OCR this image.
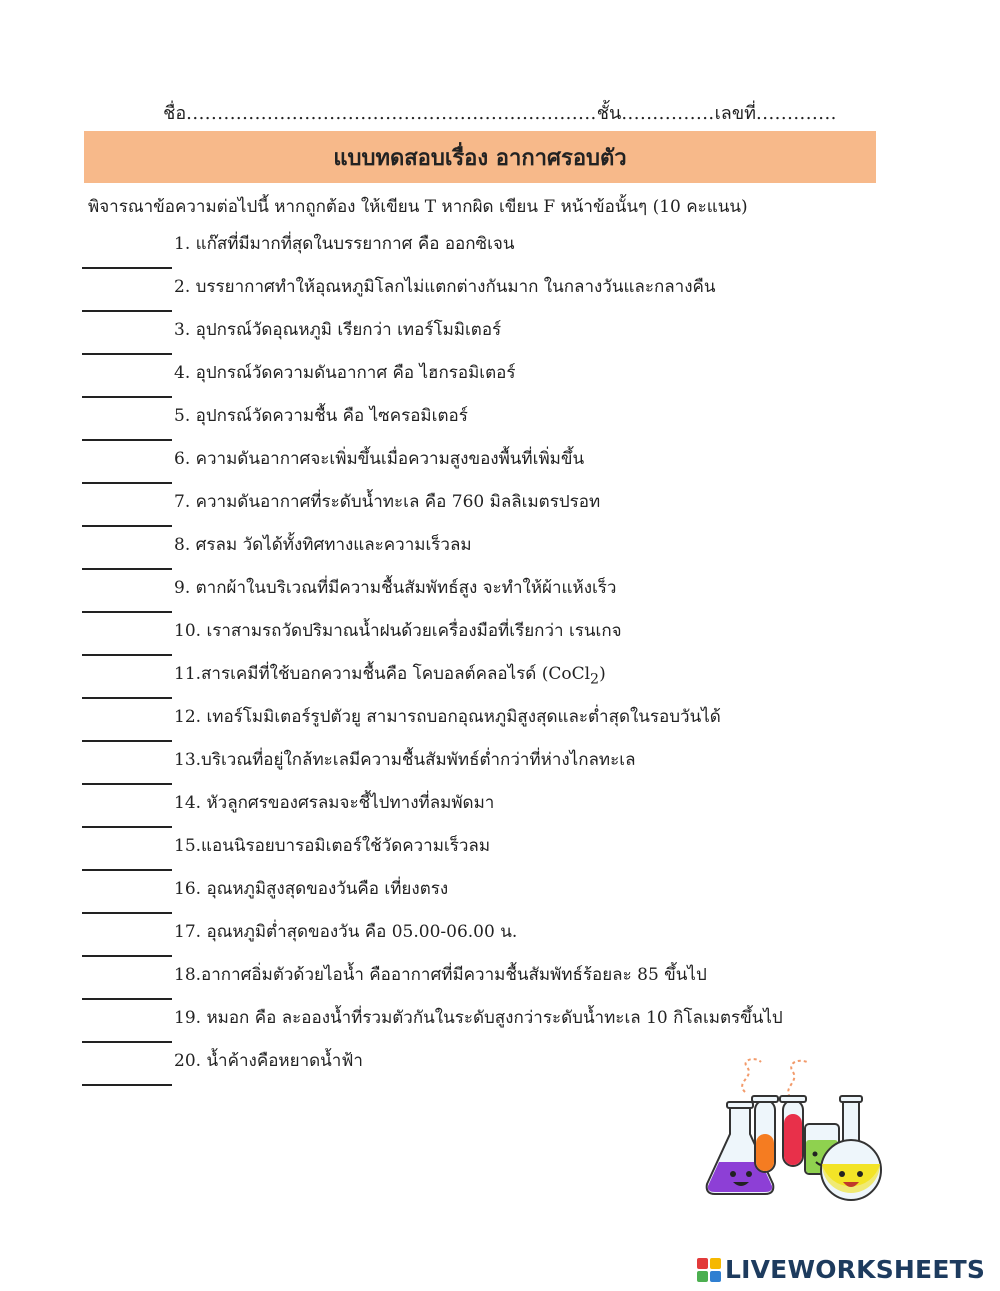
ชื่อ..................................................................ชั้น...............เลขที่.............
แบบทดสอบเรื่อง อากาศรอบตัว
พิจารณาข้อความต่อไปนี้ หากถูกต้อง ให้เขียน T หากผิด เขียน F หน้าข้อนั้นๆ (10 คะแนน)
1. แก๊สที่มีมากที่สุดในบรรยากาศ คือ ออกซิเจน
2. บรรยากาศทำให้อุณหภูมิโลกไม่แตกต่างกันมาก ในกลางวันและกลางคืน
3. อุปกรณ์วัดอุณหภูมิ เรียกว่า เทอร์โมมิเตอร์
4. อุปกรณ์วัดความดันอากาศ คือ ไฮกรอมิเตอร์
5. อุปกรณ์วัดความชื้น คือ ไซครอมิเตอร์
6. ความดันอากาศจะเพิ่มขึ้นเมื่อความสูงของพื้นที่เพิ่มขึ้น
7. ความดันอากาศที่ระดับน้ำทะเล คือ 760 มิลลิเมตรปรอท
8. ศรลม วัดได้ทั้งทิศทางและความเร็วลม
9. ตากผ้าในบริเวณที่มีความชื้นสัมพัทธ์สูง จะทำให้ผ้าแห้งเร็ว
10. เราสามรถวัดปริมาณน้ำฝนด้วยเครื่องมือที่เรียกว่า เรนเกจ
11.สารเคมีที่ใช้บอกความชื้นคือ โคบอลต์คลอไรด์ (CoCl$_2$)
12. เทอร์โมมิเตอร์รูปตัวยู สามารถบอกอุณหภูมิสูงสุดและต่ำสุดในรอบวันได้
13.บริเวณที่อยู่ใกล้ทะเลมีความชื้นสัมพัทธ์ต่ำกว่าที่ห่างไกลทะเล
14. หัวลูกศรของศรลมจะชี้ไปทางที่ลมพัดมา
15.แอนนิรอยบารอมิเตอร์ใช้วัดความเร็วลม
16. อุณหภูมิสูงสุดของวันคือ เที่ยงตรง
17. อุณหภูมิต่ำสุดของวัน คือ 05.00-06.00 น.
18.อากาศอิ่มตัวด้วยไอน้ำ คืออากาศที่มีความชื้นสัมพัทธ์ร้อยละ 85 ขึ้นไป
19. หมอก คือ ละอองน้ำที่รวมตัวกันในระดับสูงกว่าระดับน้ำทะเล 10 กิโลเมตรขึ้นไป
20. น้ำค้างคือหยาดน้ำฟ้า
LIVEWORKSHEETS
